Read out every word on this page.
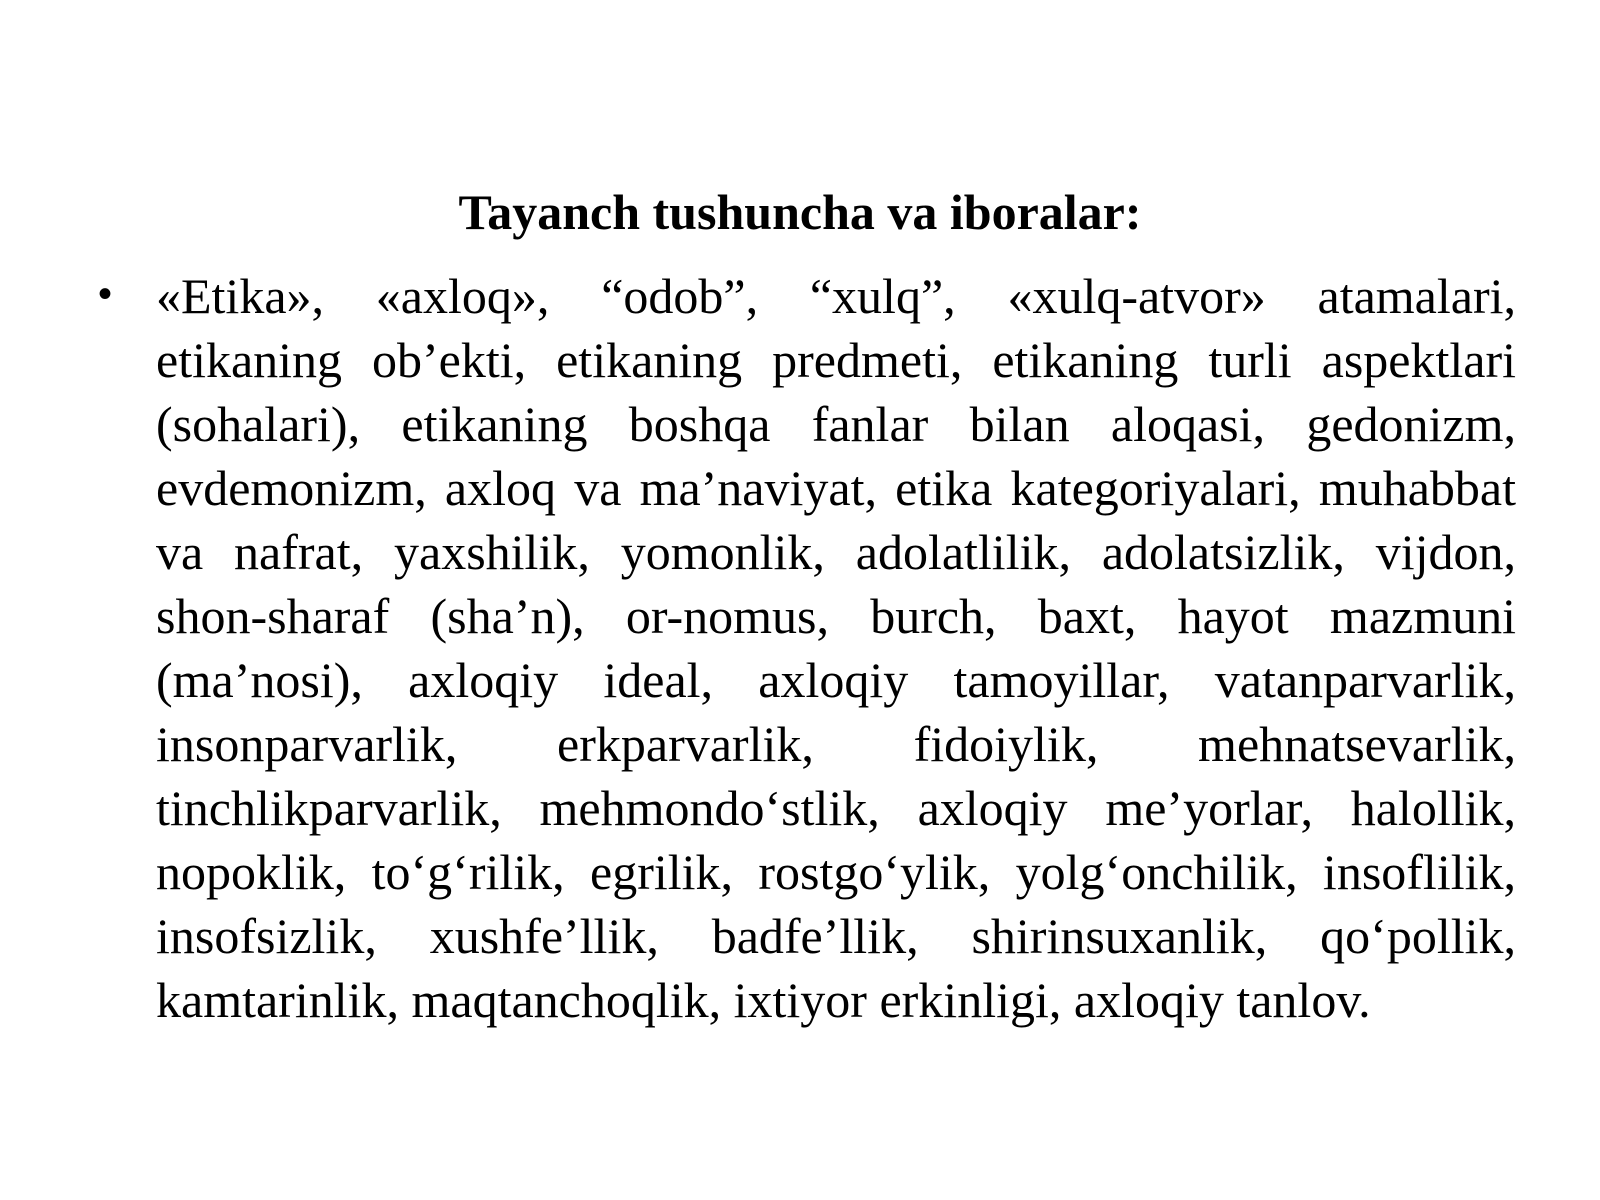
Tayanch tushuncha va iboralar:
• «Etika», «axloq», “odob”, “xulq”, «xulq-atvor» atamalari, etikaning ob’ekti, etikaning predmeti, etikaning turli aspektlari (sohalari), etikaning boshqa fanlar bilan aloqasi, gedonizm, evdemonizm, axloq va ma’naviyat, etika kategoriyalari, muhabbat va nafrat, yaxshilik, yomonlik, adolatlilik, adolatsizlik, vijdon, shon-sharaf (sha’n), or-nomus, burch, baxt, hayot mazmuni (ma’nosi), axloqiy ideal, axloqiy tamoyillar, vatanparvarlik, insonparvarlik, erkparvarlik, fidoiylik, mehnatsevarlik, tinchlikparvarlik, mehmondo‘stlik, axloqiy me’yorlar, halollik, nopoklik, to‘g‘rilik, egrilik, rostgo‘ylik, yolg‘onchilik, insoflilik, insofsizlik, xushfe’llik, badfe’llik, shirinsuxanlik, qo‘pollik, kamtarinlik, maqtanchoqlik, ixtiyor erkinligi, axloqiy tanlov.
